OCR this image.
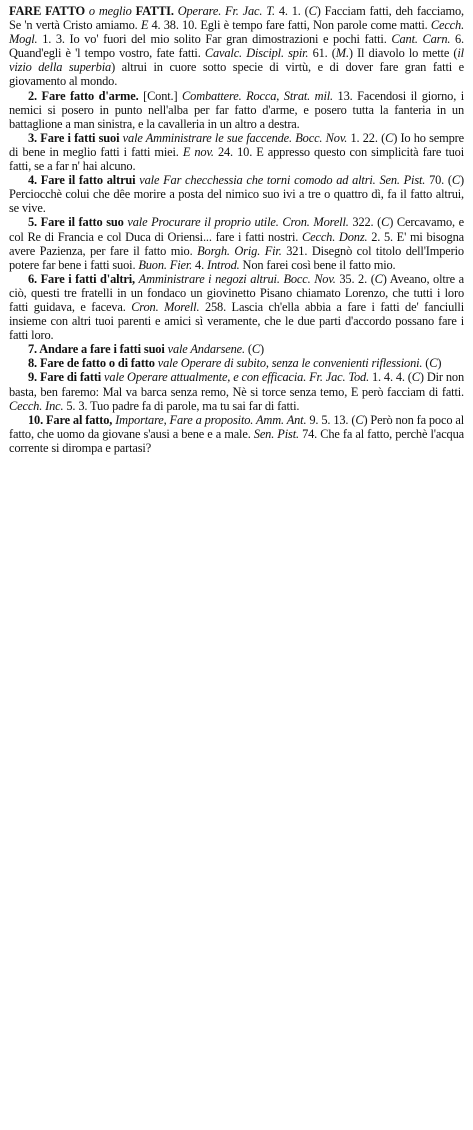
FARE FATTO o meglio FATTI. Operare. Fr. Jac. T. 4. 1. (C) Facciam fatti, deh facciamo, Se 'n vertà Cristo amiamo. E 4. 38. 10. Egli è tempo fare fatti, Non parole come matti. Cecch. Mogl. 1. 3. Io vo' fuori del mio solito Far gran dimostrazioni e pochi fatti. Cant. Carn. 6. Quand'egli è 'l tempo vostro, fate fatti. Cavalc. Discipl. spir. 61. (M.) Il diavolo lo mette (il vizio della superbia) altrui in cuore sotto specie di virtù, e di dover fare gran fatti e giovamento al mondo.

2. Fare fatto d'arme. [Cont.] Combattere. Rocca, Strat. mil. 13. Facendosi il giorno, i nemici si posero in punto nell'alba per far fatto d'arme, e posero tutta la fanteria in un battaglione a man sinistra, e la cavalleria in un altro a destra.

3. Fare i fatti suoi vale Amministrare le sue faccende. Bocc. Nov. 1. 22. (C) Io ho sempre di bene in meglio fatti i fatti miei. E nov. 24. 10. E appresso questo con simplicità fare tuoi fatti, se a far n' hai alcuno.

4. Fare il fatto altrui vale Far checchessia che torni comodo ad altri. Sen. Pist. 70. (C) Perciocchè colui che dêe morire a posta del nimico suo ivi a tre o quattro dì, fa il fatto altrui, se vive.

5. Fare il fatto suo vale Procurare il proprio utile. Cron. Morell. 322. (C) Cercavamo, e col Re di Francia e col Duca di Oriensi... fare i fatti nostri. Cecch. Donz. 2. 5. E' mi bisogna avere Pazienza, per fare il fatto mio. Borgh. Orig. Fir. 321. Disegnò col titolo dell'Imperio potere far bene i fatti suoi. Buon. Fier. 4. Introd. Non farei così bene il fatto mio.

6. Fare i fatti d'altri, Amministrare i negozi altrui. Bocc. Nov. 35. 2. (C) Aveano, oltre a ciò, questi tre fratelli in un fondaco un giovinetto Pisano chiamato Lorenzo, che tutti i loro fatti guidava, e faceva. Cron. Morell. 258. Lascia ch'ella abbia a fare i fatti de' fanciulli insieme con altri tuoi parenti e amici sì veramente, che le due parti d'accordo possano fare i fatti loro.

7. Andare a fare i fatti suoi vale Andarsene. (C)

8. Fare de fatto o di fatto vale Operare di subito, senza le convenienti riflessioni. (C)

9. Fare di fatti vale Operare attualmente, e con efficacia. Fr. Jac. Tod. 1. 4. 4. (C) Dir non basta, ben faremo: Mal va barca senza remo, Nè si torce senza temo, E però facciam di fatti. Cecch. Inc. 5. 3. Tuo padre fa di parole, ma tu sai far di fatti.

10. Fare al fatto, Importare, Fare a proposito. Amm. Ant. 9. 5. 13. (C) Però non fa poco al fatto, che uomo da giovane s'ausi a bene e a male. Sen. Pist. 74. Che fa al fatto, perchè l'acqua corrente si dirompa e partasi?
